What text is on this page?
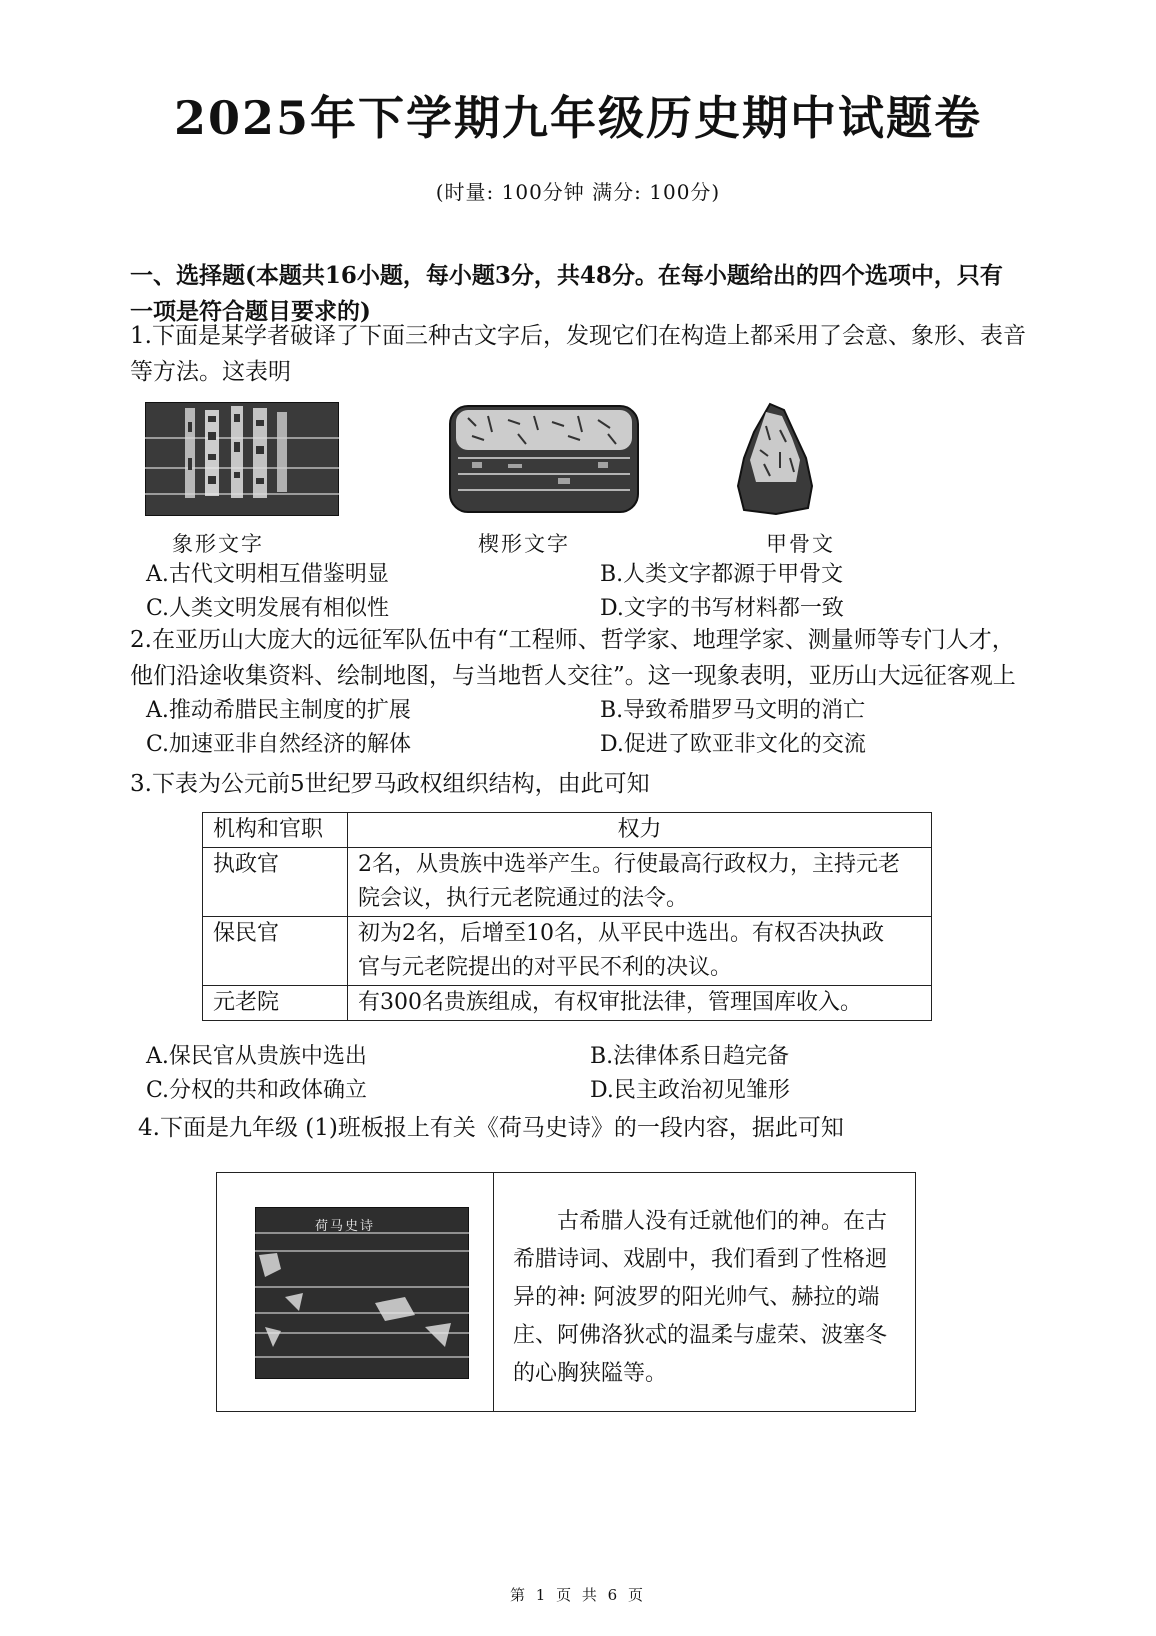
2025年下学期九年级历史期中试题卷
(时量: 100分钟 满分: 100分)
一、选择题(本题共16小题，每小题3分，共48分。在每小题给出的四个选项中，只有
一项是符合题目要求的)
1.下面是某学者破译了下面三种古文字后，发现它们在构造上都采用了会意、象形、表音
等方法。这表明
象形文字	楔形文字	甲骨文
A.古代文明相互借鉴明显	B.人类文字都源于甲骨文
C.人类文明发展有相似性	D.文字的书写材料都一致
2.在亚历山大庞大的远征军队伍中有“工程师、哲学家、地理学家、测量师等专门人才，
他们沿途收集资料、绘制地图，与当地哲人交往”。这一现象表明，亚历山大远征客观上
A.推动希腊民主制度的扩展	B.导致希腊罗马文明的消亡
C.加速亚非自然经济的解体	D.促进了欧亚非文化的交流
3.下表为公元前5世纪罗马政权组织结构，由此可知
机构和官职	权力
执政官	2名，从贵族中选举产生。行使最高行政权力，主持元老
院会议，执行元老院通过的法令。

保民官	初为2名，后增至10名，从平民中选出。有权否决执政
官与元老院提出的对平民不利的决议。

元老院	有300名贵族组成，有权审批法律，管理国库收入。
A.保民官从贵族中选出	B.法律体系日趋完备
C.分权的共和政体确立	D.民主政治初见雏形
4.下面是九年级 (1)班板报上有关《荷马史诗》的一段内容，据此可知
荷马史诗	古希腊人没有迁就他们的神。在古
希腊诗词、戏剧中，我们看到了性格迥
异的神: 阿波罗的阳光帅气、赫拉的端
庄、阿佛洛狄忒的温柔与虚荣、波塞冬
的心胸狭隘等。
第 1 页 共 6 页
